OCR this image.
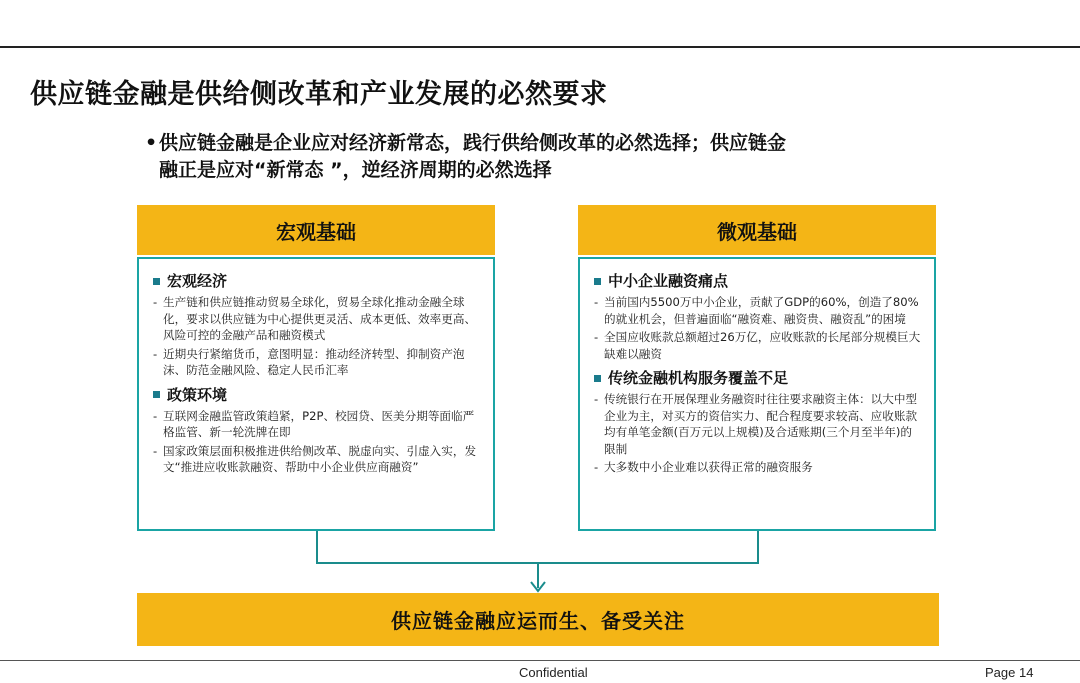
供应链金融是供给侧改革和产业发展的必然要求
•供应链金融是企业应对经济新常态，践行供给侧改革的必然选择；供应链金
融正是应对“新常态 ”，逆经济周期的必然选择
宏观基础	微观基础
宏观经济
- 生产链和供应链推动贸易全球化，贸易全球化推动金融全球化，要求以供应链为中心提供更灵活、成本更低、效率更高、风险可控的金融产品和融资模式
- 近期央行紧缩货币，意图明显：推动经济转型、抑制资产泡沫、防范金融风险、稳定人民币汇率
政策环境
- 互联网金融监管政策趋紧，P2P、校园贷、医美分期等面临严格监管、新一轮洗牌在即
- 国家政策层面积极推进供给侧改革、脱虚向实、引虚入实，发文“推进应收账款融资、帮助中小企业供应商融资”
中小企业融资痛点
- 当前国内5500万中小企业，贡献了GDP的60%，创造了80%的就业机会，但普遍面临“融资难、融资贵、融资乱”的困境
- 全国应收账款总额超过26万亿，应收账款的长尾部分规模巨大缺难以融资
传统金融机构服务覆盖不足
- 传统银行在开展保理业务融资时往往要求融资主体：以大中型企业为主，对买方的资信实力、配合程度要求较高、应收账款均有单笔金额(百万元以上规模)及合适账期(三个月至半年)的限制
- 大多数中小企业难以获得正常的融资服务
供应链金融应运而生、备受关注
Confidential	Page 14
